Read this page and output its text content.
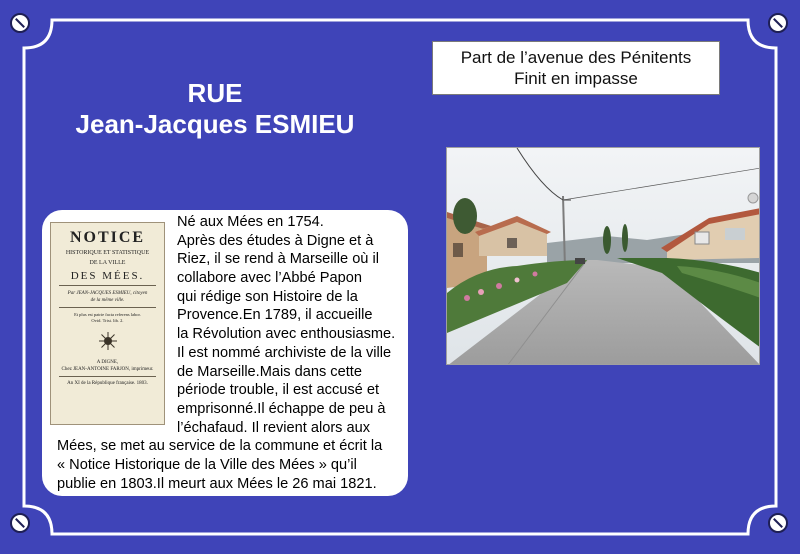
RUE
Jean-Jacques ESMIEU
Part de l’avenue des Pénitents
Finit en impasse
NOTICE
HISTORIQUE ET STATISTIQUE
DE LA VILLE
DES MÉES.
Par JEAN-JACQUES ESMIEU, citoyen
de la même ville.
Et plus est patrie facta referens labor.
Ovid. Trist. lib. 2.
A DIGNE,
Chez JEAN-ANTOINE FARJON, imprimeur.
An XI de la République française. 1803.
Né aux Mées en 1754.
Après des études à Digne et à
Riez, il se rend à Marseille où il
collabore avec l’Abbé Papon
qui rédige son Histoire de la
Provence.En 1789, il accueille
la Révolution avec enthousiasme.
Il est nommé archiviste de la ville
de Marseille.Mais dans cette
période trouble, il est accusé et
emprisonné.Il échappe de peu à
l’échafaud. Il revient alors aux
Mées, se met au service de la commune et écrit la
« Notice Historique de la Ville des Mées » qu’il
publie en 1803.Il meurt aux Mées le 26 mai 1821.
